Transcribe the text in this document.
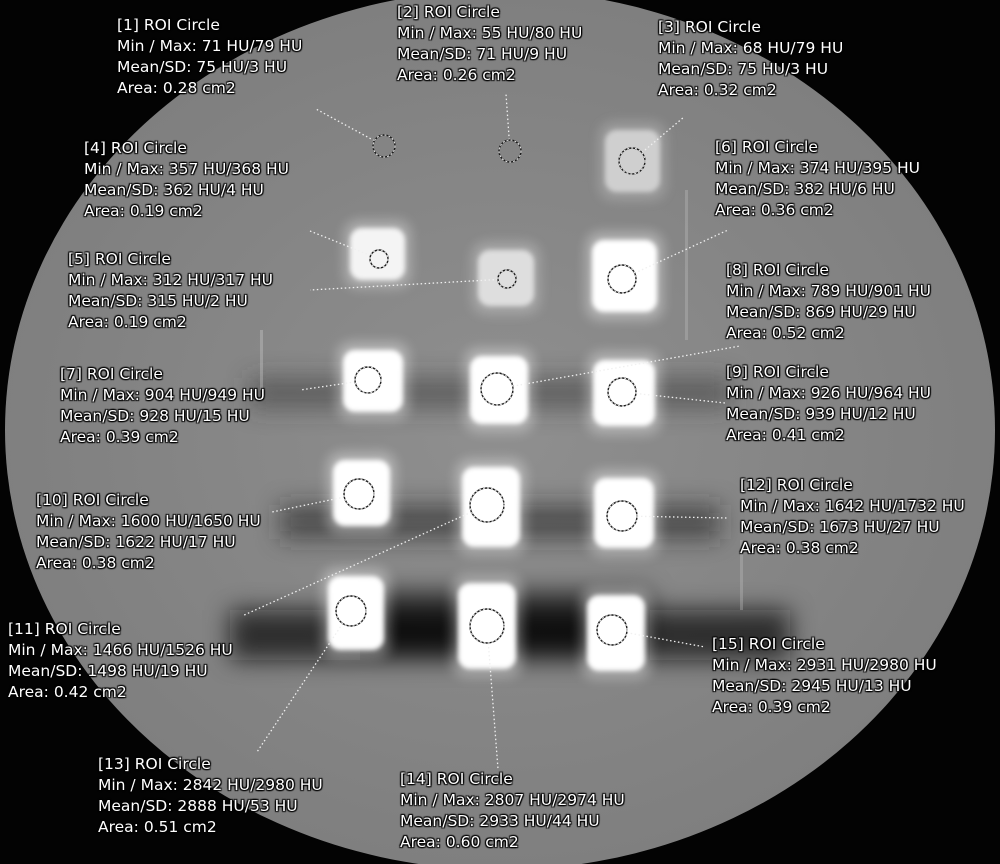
[1] ROI Circle
Min / Max: 71 HU/79 HU
Mean/SD: 75 HU/3 HU
Area: 0.28 cm2
[2] ROI Circle
Min / Max: 55 HU/80 HU
Mean/SD: 71 HU/9 HU
Area: 0.26 cm2
[3] ROI Circle
Min / Max: 68 HU/79 HU
Mean/SD: 75 HU/3 HU
Area: 0.32 cm2
[4] ROI Circle
Min / Max: 357 HU/368 HU
Mean/SD: 362 HU/4 HU
Area: 0.19 cm2
[5] ROI Circle
Min / Max: 312 HU/317 HU
Mean/SD: 315 HU/2 HU
Area: 0.19 cm2
[6] ROI Circle
Min / Max: 374 HU/395 HU
Mean/SD: 382 HU/6 HU
Area: 0.36 cm2
[7] ROI Circle
Min / Max: 904 HU/949 HU
Mean/SD: 928 HU/15 HU
Area: 0.39 cm2
[8] ROI Circle
Min / Max: 789 HU/901 HU
Mean/SD: 869 HU/29 HU
Area: 0.52 cm2
[9] ROI Circle
Min / Max: 926 HU/964 HU
Mean/SD: 939 HU/12 HU
Area: 0.41 cm2
[10] ROI Circle
Min / Max: 1600 HU/1650 HU
Mean/SD: 1622 HU/17 HU
Area: 0.38 cm2
[11] ROI Circle
Min / Max: 1466 HU/1526 HU
Mean/SD: 1498 HU/19 HU
Area: 0.42 cm2
[12] ROI Circle
Min / Max: 1642 HU/1732 HU
Mean/SD: 1673 HU/27 HU
Area: 0.38 cm2
[13] ROI Circle
Min / Max: 2842 HU/2980 HU
Mean/SD: 2888 HU/53 HU
Area: 0.51 cm2
[14] ROI Circle
Min / Max: 2807 HU/2974 HU
Mean/SD: 2933 HU/44 HU
Area: 0.60 cm2
[15] ROI Circle
Min / Max: 2931 HU/2980 HU
Mean/SD: 2945 HU/13 HU
Area: 0.39 cm2
